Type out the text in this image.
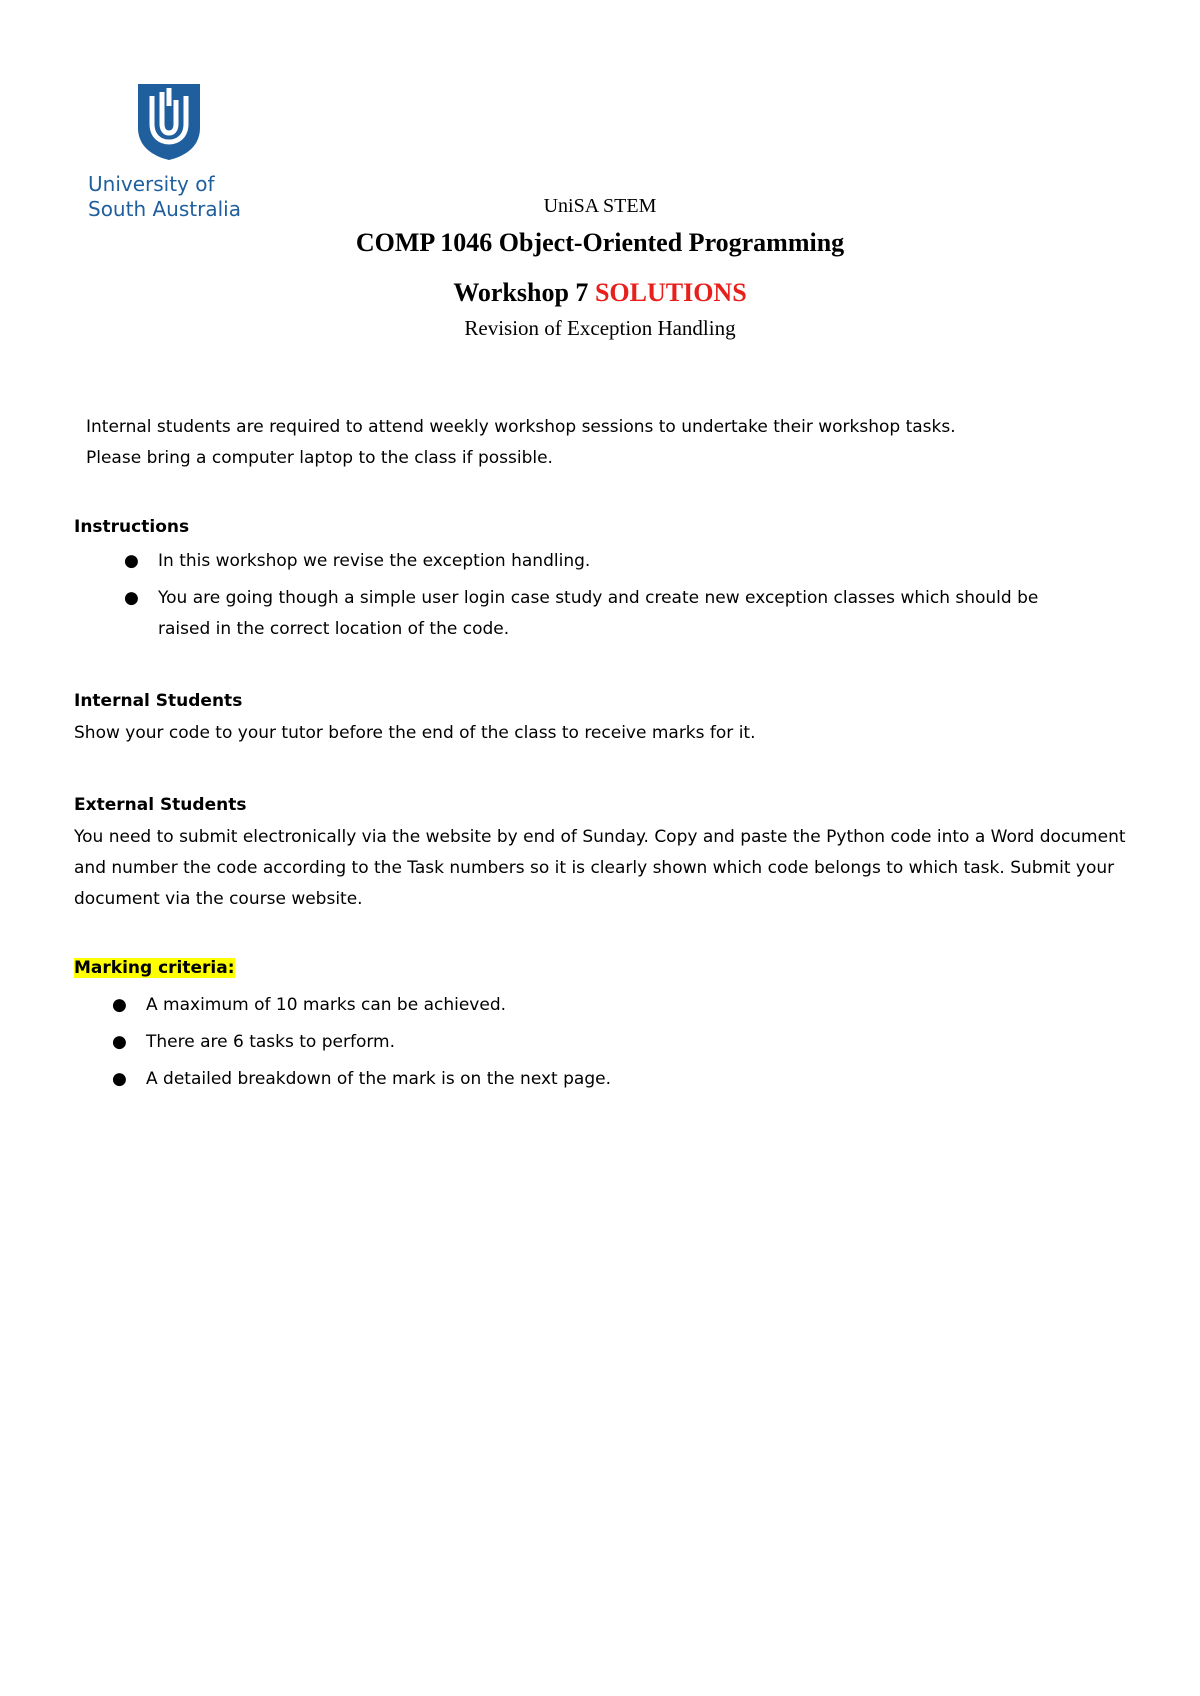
University of
South Australia	UniSA STEM
COMP 1046 Object-Oriented Programming
Workshop 7 SOLUTIONS
Revision of Exception Handling
Internal students are required to attend weekly workshop sessions to undertake their workshop tasks.
Please bring a computer laptop to the class if possible.
Instructions
● In this workshop we revise the exception handling.
● You are going though a simple user login case study and create new exception classes which should be raised in the correct location of the code.
Internal Students
Show your code to your tutor before the end of the class to receive marks for it.
External Students
You need to submit electronically via the website by end of Sunday. Copy and paste the Python code into a Word document and number the code according to the Task numbers so it is clearly shown which code belongs to which task. Submit your document via the course website.
Marking criteria:
● A maximum of 10 marks can be achieved.
● There are 6 tasks to perform.
● A detailed breakdown of the mark is on the next page.
